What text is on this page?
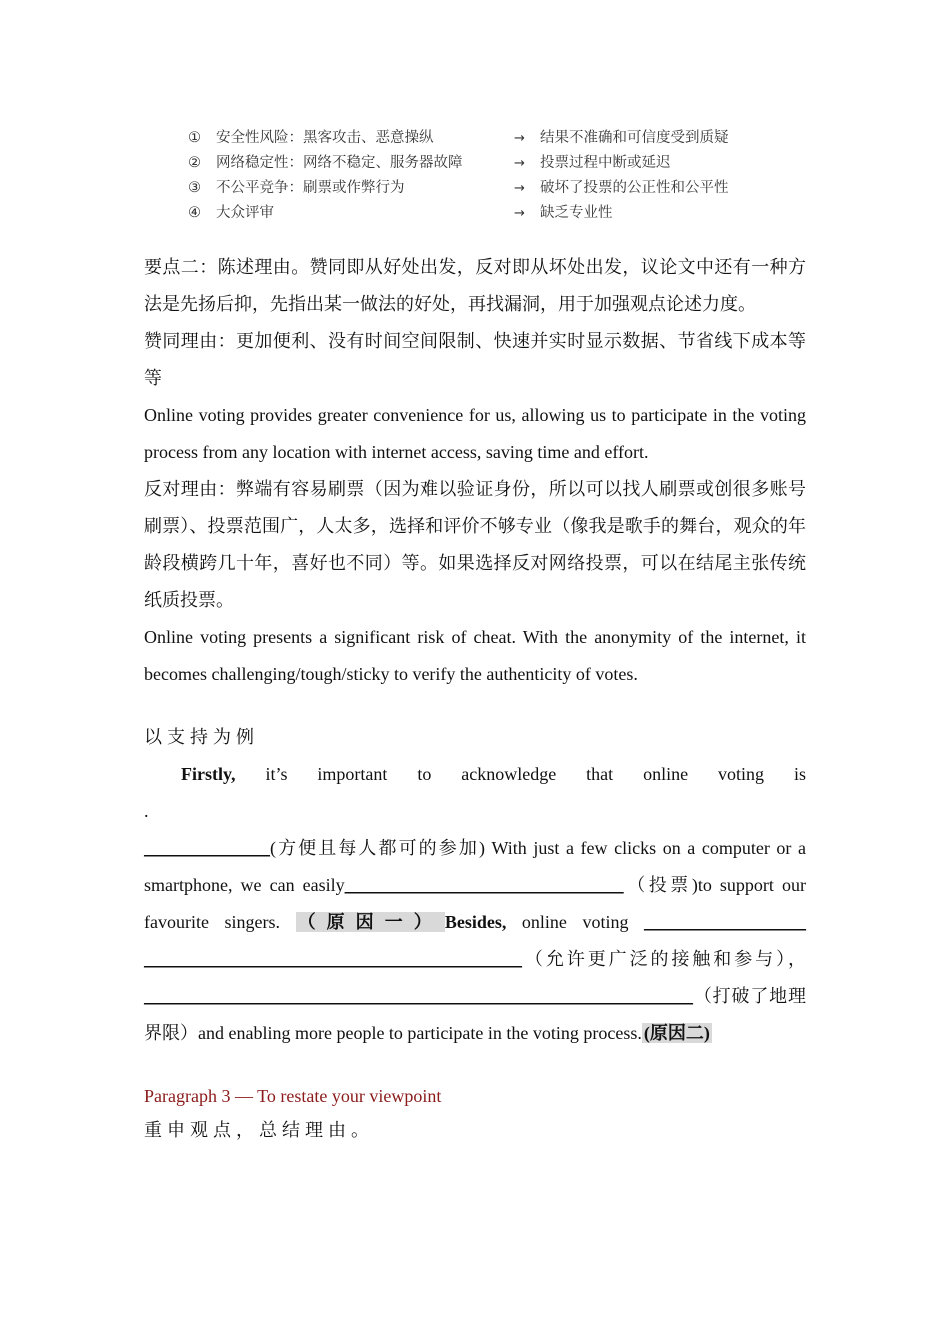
① 安全性风险：黑客攻击、恶意操纵	→ 结果不准确和可信度受到质疑
② 网络稳定性：网络不稳定、服务器故障	→ 投票过程中断或延迟
③ 不公平竞争：刷票或作弊行为	→ 破坏了投票的公正性和公平性
④ 大众评审	→ 缺乏专业性

要点二：陈述理由。赞同即从好处出发，反对即从坏处出发，议论文中还有一种方法是先扬后抑，先指出某一做法的好处，再找漏洞，用于加强观点论述力度。

赞同理由：更加便利、没有时间空间限制、快速并实时显示数据、节省线下成本等等

Online voting provides greater convenience for us, allowing us to participate in the voting process from any location with internet access, saving time and effort.

反对理由：弊端有容易刷票（因为难以验证身份，所以可以找人刷票或创很多账号刷票）、投票范围广，人太多，选择和评价不够专业（像我是歌手的舞台，观众的年龄段横跨几十年，喜好也不同）等。如果选择反对网络投票，可以在结尾主张传统纸质投票。

Online voting presents a significant risk of cheat. With the anonymity of the internet, it becomes challenging/tough/sticky to verify the authenticity of votes.

以支持为例

Firstly, it’s important to acknowledge that online voting is

.

______________(方便且每人都可的参加) With just a few clicks on a computer or a smartphone, we can easily_______________________________（投票)to support our favourite singers. （原因一） Besides, online voting __________________ __________________________________________（允许更广泛的接触和参与）， _____________________________________________________________（打破了地理界限）and enabling more people to participate in the voting process. (原因二)

Paragraph 3 — To restate your viewpoint

重申观点，总结理由。
